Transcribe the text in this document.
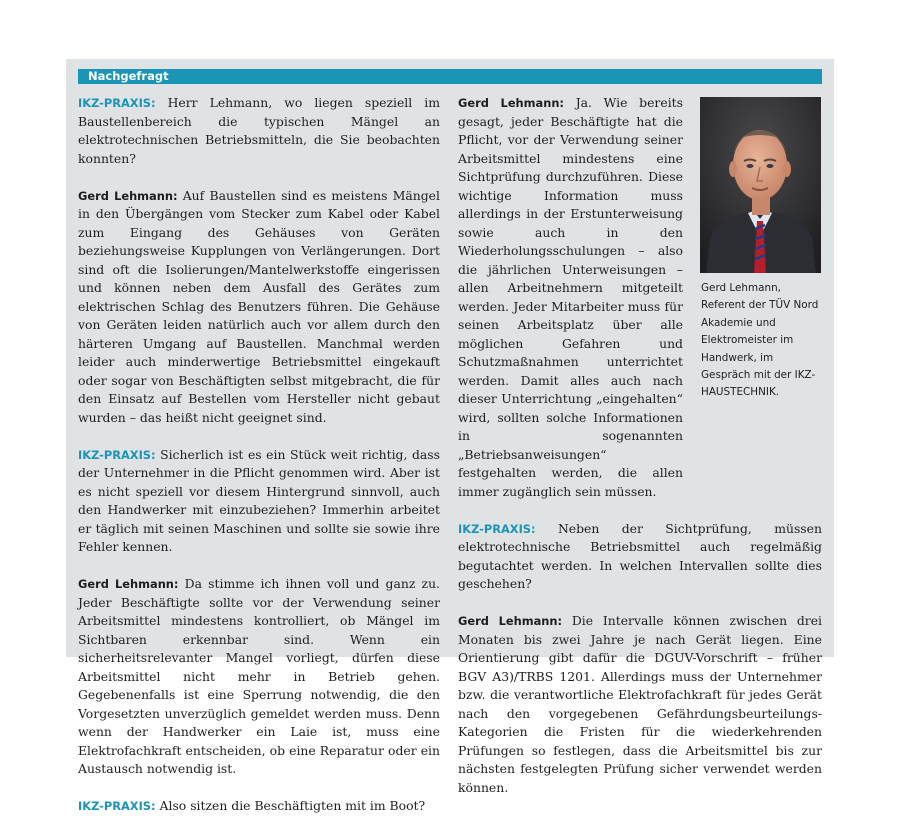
Nachgefragt

IKZ-PRAXIS: Herr Lehmann, wo liegen speziell im Baustellenbereich die typischen Mängel an elektrotechnischen Betriebsmitteln, die Sie beobachten konnten?

Gerd Lehmann: Auf Baustellen sind es meistens Mängel in den Übergängen vom Stecker zum Kabel oder Kabel zum Eingang des Gehäuses von Geräten beziehungsweise Kupplungen von Verlängerungen. Dort sind oft die Isolierungen/Mantelwerkstoffe eingerissen und können neben dem Ausfall des Gerätes zum elektrischen Schlag des Benutzers führen. Die Gehäuse von Geräten leiden natürlich auch vor allem durch den härteren Umgang auf Baustellen. Manchmal werden leider auch minderwertige Betriebsmittel eingekauft oder sogar von Beschäftigten selbst mitgebracht, die für den Einsatz auf Bestellen vom Hersteller nicht gebaut wurden – das heißt nicht geeignet sind.

IKZ-PRAXIS: Sicherlich ist es ein Stück weit richtig, dass der Unternehmer in die Pflicht genommen wird. Aber ist es nicht speziell vor diesem Hintergrund sinnvoll, auch den Handwerker mit einzubeziehen? Immerhin arbeitet er täglich mit seinen Maschinen und sollte sie sowie ihre Fehler kennen.

Gerd Lehmann: Da stimme ich ihnen voll und ganz zu. Jeder Beschäftigte sollte vor der Verwendung seiner Arbeitsmittel mindestens kontrolliert, ob Mängel im Sichtbaren erkennbar sind. Wenn ein sicherheitsrelevanter Mangel vorliegt, dürfen diese Arbeitsmittel nicht mehr in Betrieb gehen. Gegebenenfalls ist eine Sperrung notwendig, die den Vorgesetzten unverzüglich gemeldet werden muss. Denn wenn der Handwerker ein Laie ist, muss eine Elektrofachkraft entscheiden, ob eine Reparatur oder ein Austausch notwendig ist.

IKZ-PRAXIS: Also sitzen die Beschäftigten mit im Boot?

Gerd Lehmann: Ja. Wie bereits gesagt, jeder Beschäftigte hat die Pflicht, vor der Verwendung seiner Arbeitsmittel mindestens eine Sichtprüfung durchzuführen. Diese wichtige Information muss allerdings in der Erstunterweisung sowie auch in den Wiederholungsschulungen – also die jährlichen Unterweisungen – allen Arbeitnehmern mitgeteilt werden. Jeder Mitarbeiter muss für seinen Arbeitsplatz über alle möglichen Gefahren und Schutzmaßnahmen unterrichtet werden. Damit alles auch nach dieser Unterrichtung „eingehalten“ wird, sollten solche Informationen in sogenannten „Betriebsanweisungen“ festgehalten werden, die allen immer zugänglich sein müssen.

IKZ-PRAXIS: Neben der Sichtprüfung, müssen elektrotechnische Betriebsmittel auch regelmäßig begutachtet werden. In welchen Intervallen sollte dies geschehen?

Gerd Lehmann: Die Intervalle können zwischen drei Monaten bis zwei Jahre je nach Gerät liegen. Eine Orientierung gibt dafür die DGUV-Vorschrift – früher BGV A3)/TRBS 1201. Allerdings muss der Unternehmer bzw. die verantwortliche Elektrofachkraft für jedes Gerät nach den vorgegebenen Gefährdungsbeurteilungs-Kategorien die Fristen für die wiederkehrenden Prüfungen so festlegen, dass die Arbeitsmittel bis zur nächsten festgelegten Prüfung sicher verwendet werden können.

Gerd Lehmann, Referent der TÜV Nord Akademie und Elektromeister im Handwerk, im Gespräch mit der IKZ-HAUSTECHNIK.
